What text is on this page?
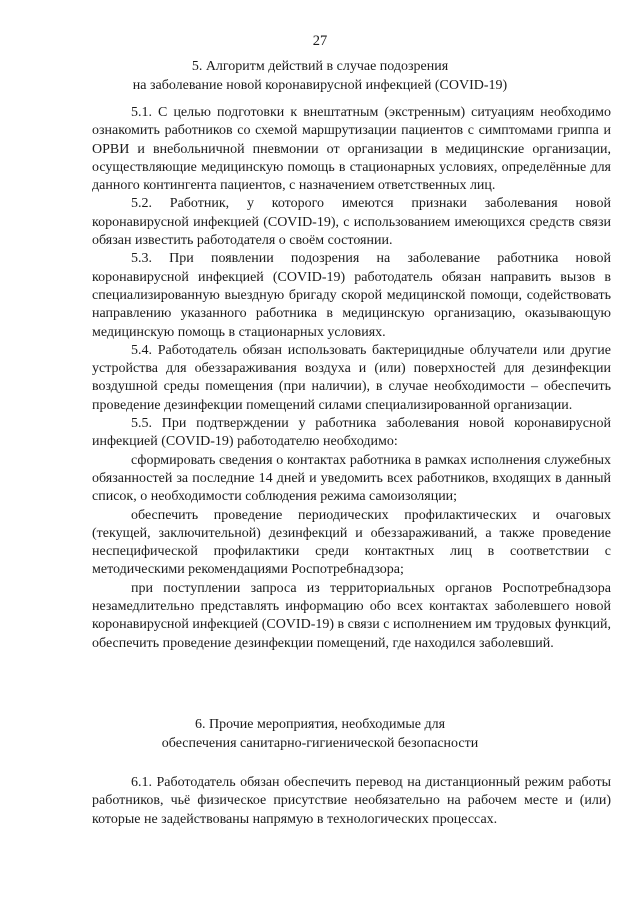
27
5. Алгоритм действий в случае подозрения
на заболевание новой коронавирусной инфекцией (COVID-19)

5.1. С целью подготовки к внештатным (экстренным) ситуациям необходимо ознакомить работников со схемой маршрутизации пациентов с симптомами гриппа и ОРВИ и внебольничной пневмонии от организации в медицинские организации, осуществляющие медицинскую помощь в стационарных условиях, определённые для данного контингента пациентов, с назначением ответственных лиц.

5.2. Работник, у которого имеются признаки заболевания новой коронавирусной инфекцией (COVID-19), с использованием имеющихся средств связи обязан известить работодателя о своём состоянии.

5.3. При появлении подозрения на заболевание работника новой коронавирусной инфекцией (COVID-19) работодатель обязан направить вызов в специализированную выездную бригаду скорой медицинской помощи, содействовать направлению указанного работника в медицинскую организацию, оказывающую медицинскую помощь в стационарных условиях.

5.4. Работодатель обязан использовать бактерицидные облучатели или другие устройства для обеззараживания воздуха и (или) поверхностей для дезинфекции воздушной среды помещения (при наличии), в случае необходимости – обеспечить проведение дезинфекции помещений силами специализированной организации.

5.5. При подтверждении у работника заболевания новой коронавирусной инфекцией (COVID-19) работодателю необходимо:

сформировать сведения о контактах работника в рамках исполнения служебных обязанностей за последние 14 дней и уведомить всех работников, входящих в данный список, о необходимости соблюдения режима самоизоляции;

обеспечить проведение периодических профилактических и очаговых (текущей, заключительной) дезинфекций и обеззараживаний, а также проведение неспецифической профилактики среди контактных лиц в соответствии с методическими рекомендациями Роспотребнадзора;

при поступлении запроса из территориальных органов Роспотребнадзора незамедлительно представлять информацию обо всех контактах заболевшего новой коронавирусной инфекцией (COVID-19) в связи с исполнением им трудовых функций, обеспечить проведение дезинфекции помещений, где находился заболевший.

6. Прочие мероприятия, необходимые для
обеспечения санитарно-гигиенической безопасности

6.1. Работодатель обязан обеспечить перевод на дистанционный режим работы работников, чьё физическое присутствие необязательно на рабочем месте и (или) которые не задействованы напрямую в технологических процессах.
